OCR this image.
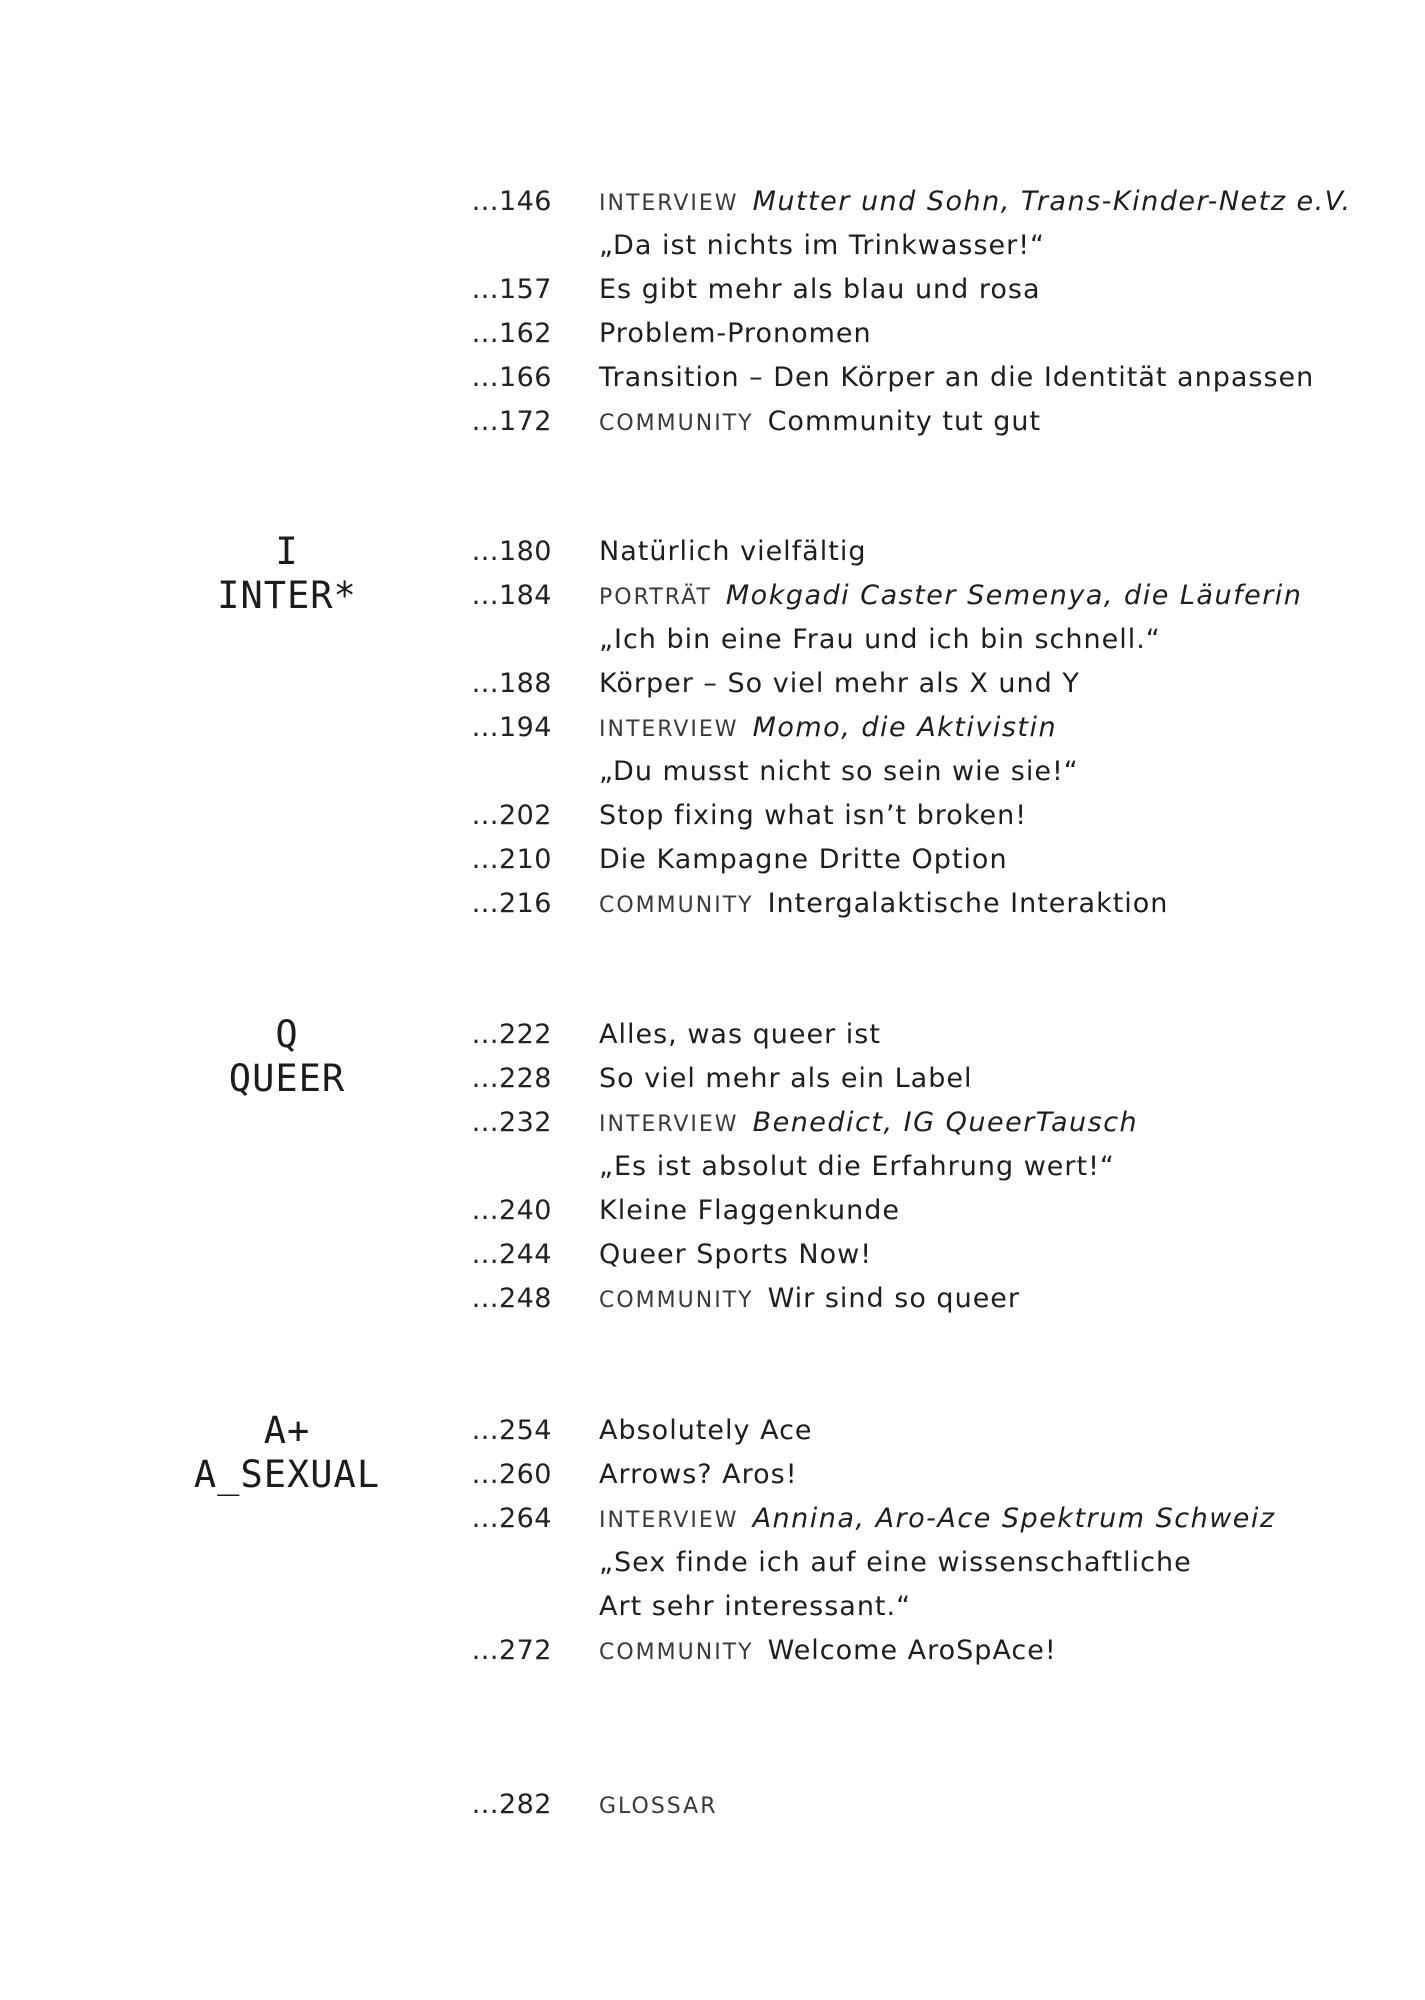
...146 INTERVIEW Mutter und Sohn, Trans-Kinder-Netz e.V.
„Da ist nichts im Trinkwasser!“
...157 Es gibt mehr als blau und rosa
...162 Problem-Pronomen
...166 Transition – Den Körper an die Identität anpassen
...172 COMMUNITY Community tut gut
I
INTER*
...180 Natürlich vielfältig
...184 PORTRÄT Mokgadi Caster Semenya, die Läuferin
„Ich bin eine Frau und ich bin schnell.“
...188 Körper – So viel mehr als X und Y
...194 INTERVIEW Momo, die Aktivistin
„Du musst nicht so sein wie sie!“
...202 Stop fixing what isn’t broken!
...210 Die Kampagne Dritte Option
...216 COMMUNITY Intergalaktische Interaktion
Q
QUEER
...222 Alles, was queer ist
...228 So viel mehr als ein Label
...232 INTERVIEW Benedict, IG QueerTausch
„Es ist absolut die Erfahrung wert!“
...240 Kleine Flaggenkunde
...244 Queer Sports Now!
...248 COMMUNITY Wir sind so queer
A+
A_SEXUAL
...254 Absolutely Ace
...260 Arrows? Aros!
...264 INTERVIEW Annina, Aro-Ace Spektrum Schweiz
„Sex finde ich auf eine wissenschaftliche
Art sehr interessant.“
...272 COMMUNITY Welcome AroSpAce!
...282 GLOSSAR
